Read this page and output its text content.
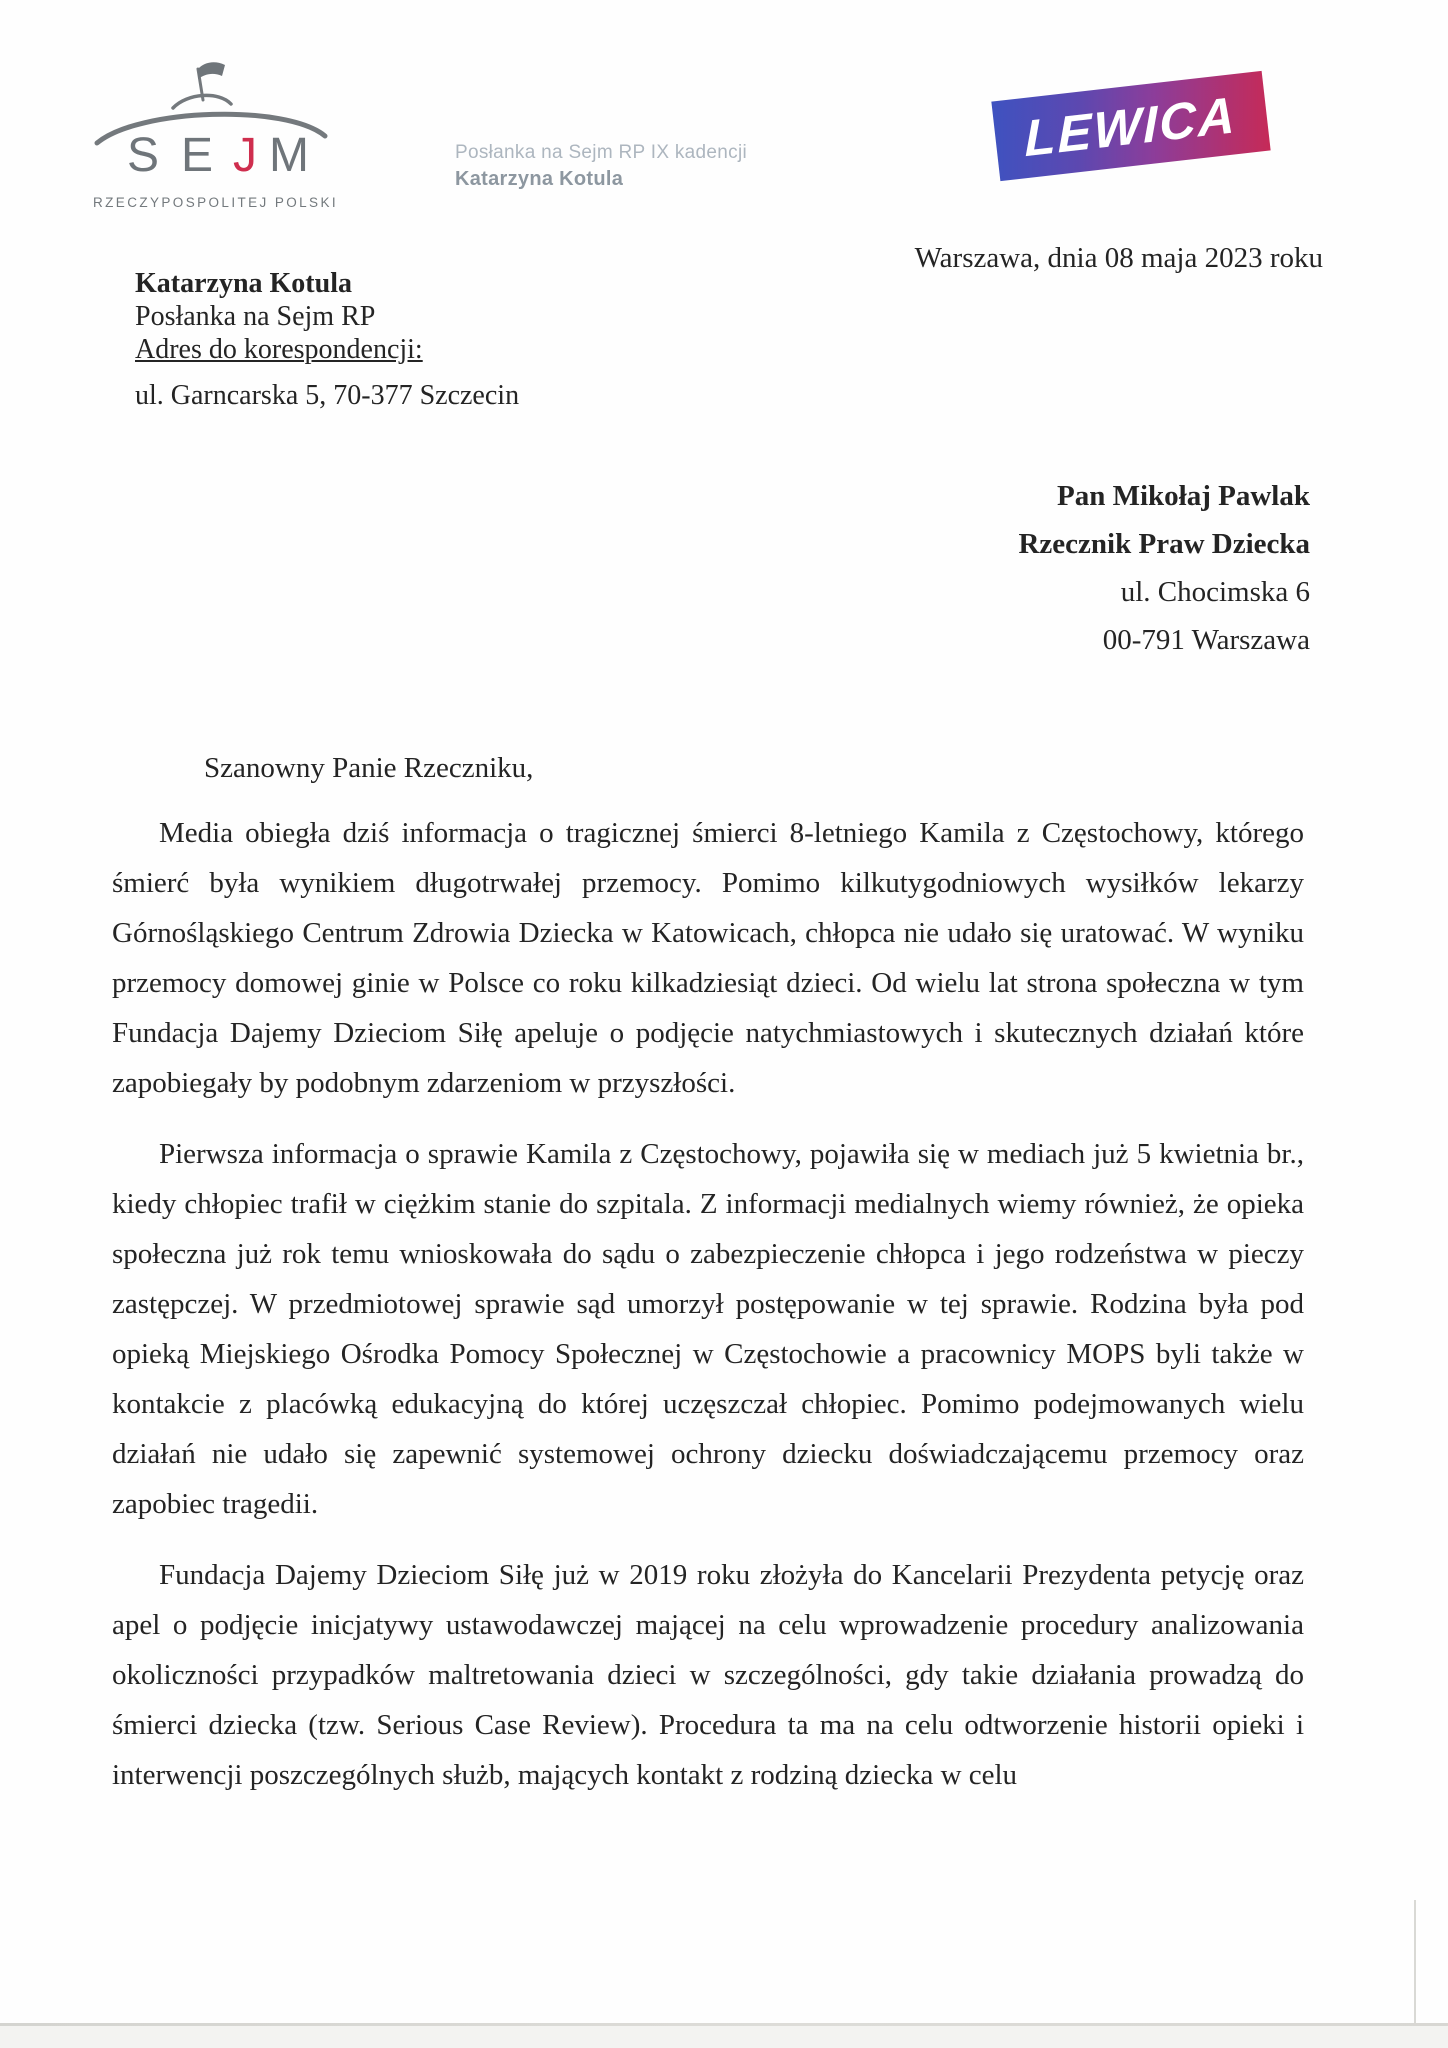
S E J M
RZECZYPOSPOLITEJ POLSKIEJ
Posłanka na Sejm RP IX kadencji
Katarzyna Kotula
LEWICA
Warszawa, dnia 08 maja 2023 roku
Katarzyna Kotula
Posłanka na Sejm RP
Adres do korespondencji:
ul. Garncarska 5, 70-377 Szczecin
Pan Mikołaj Pawlak
Rzecznik Praw Dziecka
ul. Chocimska 6
00-791 Warszawa
Szanowny Panie Rzeczniku,

Media obiegła dziś informacja o tragicznej śmierci 8-letniego Kamila z Częstochowy, którego śmierć była wynikiem długotrwałej przemocy. Pomimo kilkutygodniowych wysiłków lekarzy Górnośląskiego Centrum Zdrowia Dziecka w Katowicach, chłopca nie udało się uratować. W wyniku przemocy domowej ginie w Polsce co roku kilkadziesiąt dzieci. Od wielu lat strona społeczna w tym Fundacja Dajemy Dzieciom Siłę apeluje o podjęcie natychmiastowych i skutecznych działań które zapobiegały by podobnym zdarzeniom w przyszłości.

Pierwsza informacja o sprawie Kamila z Częstochowy, pojawiła się w mediach już 5 kwietnia br., kiedy chłopiec trafił w ciężkim stanie do szpitala. Z informacji medialnych wiemy również, że opieka społeczna już rok temu wnioskowała do sądu o zabezpieczenie chłopca i jego rodzeństwa w pieczy zastępczej. W przedmiotowej sprawie sąd umorzył postępowanie w tej sprawie. Rodzina była pod opieką Miejskiego Ośrodka Pomocy Społecznej w Częstochowie a pracownicy MOPS byli także w kontakcie z placówką edukacyjną do której uczęszczał chłopiec. Pomimo podejmowanych wielu działań nie udało się zapewnić systemowej ochrony dziecku doświadczającemu przemocy oraz zapobiec tragedii.

Fundacja Dajemy Dzieciom Siłę już w 2019 roku złożyła do Kancelarii Prezydenta petycję oraz apel o podjęcie inicjatywy ustawodawczej mającej na celu wprowadzenie procedury analizowania okoliczności przypadków maltretowania dzieci w szczególności, gdy takie działania prowadzą do śmierci dziecka (tzw. Serious Case Review). Procedura ta ma na celu odtworzenie historii opieki i interwencji poszczególnych służb, mających kontakt z rodziną dziecka w celu
